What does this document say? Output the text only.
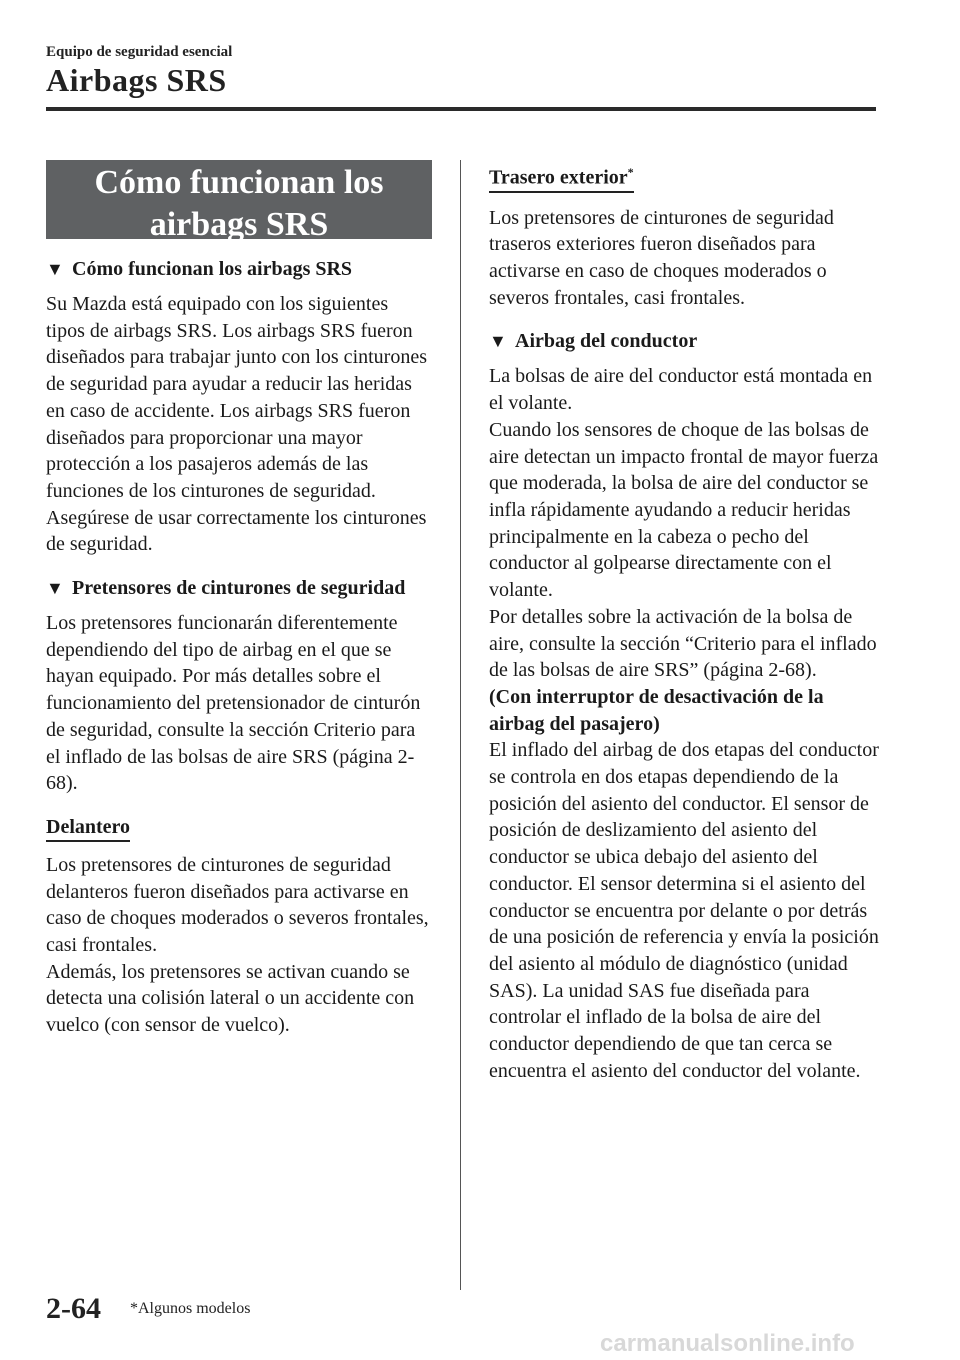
Equipo de seguridad esencial
Airbags SRS
Cómo funcionan los
airbags SRS
▼ Cómo funcionan los airbags SRS

Su Mazda está equipado con los siguientes tipos de airbags SRS. Los airbags SRS fueron diseñados para trabajar junto con los cinturones de seguridad para ayudar a reducir las heridas en caso de accidente. Los airbags SRS fueron diseñados para proporcionar una mayor protección a los pasajeros además de las funciones de los cinturones de seguridad. Asegúrese de usar correctamente los cinturones de seguridad.

▼ Pretensores de cinturones de seguridad

Los pretensores funcionarán diferentemente dependiendo del tipo de airbag en el que se hayan equipado. Por más detalles sobre el funcionamiento del pretensionador de cinturón de seguridad, consulte la sección Criterio para el inflado de las bolsas de aire SRS (página 2-68).

Delantero

Los pretensores de cinturones de seguridad delanteros fueron diseñados para activarse en caso de choques moderados o severos frontales, casi frontales.

Además, los pretensores se activan cuando se detecta una colisión lateral o un accidente con vuelco (con sensor de vuelco).

Trasero exterior*

Los pretensores de cinturones de seguridad traseros exteriores fueron diseñados para activarse en caso de choques moderados o severos frontales, casi frontales.

▼ Airbag del conductor

La bolsas de aire del conductor está montada en el volante.

Cuando los sensores de choque de las bolsas de aire detectan un impacto frontal de mayor fuerza que moderada, la bolsa de aire del conductor se infla rápidamente ayudando a reducir heridas principalmente en la cabeza o pecho del conductor al golpearse directamente con el volante.

Por detalles sobre la activación de la bolsa de aire, consulte la sección “Criterio para el inflado de las bolsas de aire SRS” (página 2-68).

(Con interruptor de desactivación de la airbag del pasajero)

El inflado del airbag de dos etapas del conductor se controla en dos etapas dependiendo de la posición del asiento del conductor. El sensor de posición de deslizamiento del asiento del conductor se ubica debajo del asiento del conductor. El sensor determina si el asiento del conductor se encuentra por delante o por detrás de una posición de referencia y envía la posición del asiento al módulo de diagnóstico (unidad SAS). La unidad SAS fue diseñada para controlar el inflado de la bolsa de aire del conductor dependiendo de que tan cerca se encuentra el asiento del conductor del volante.

2-64 *Algunos modelos
carmanualsonline.info
